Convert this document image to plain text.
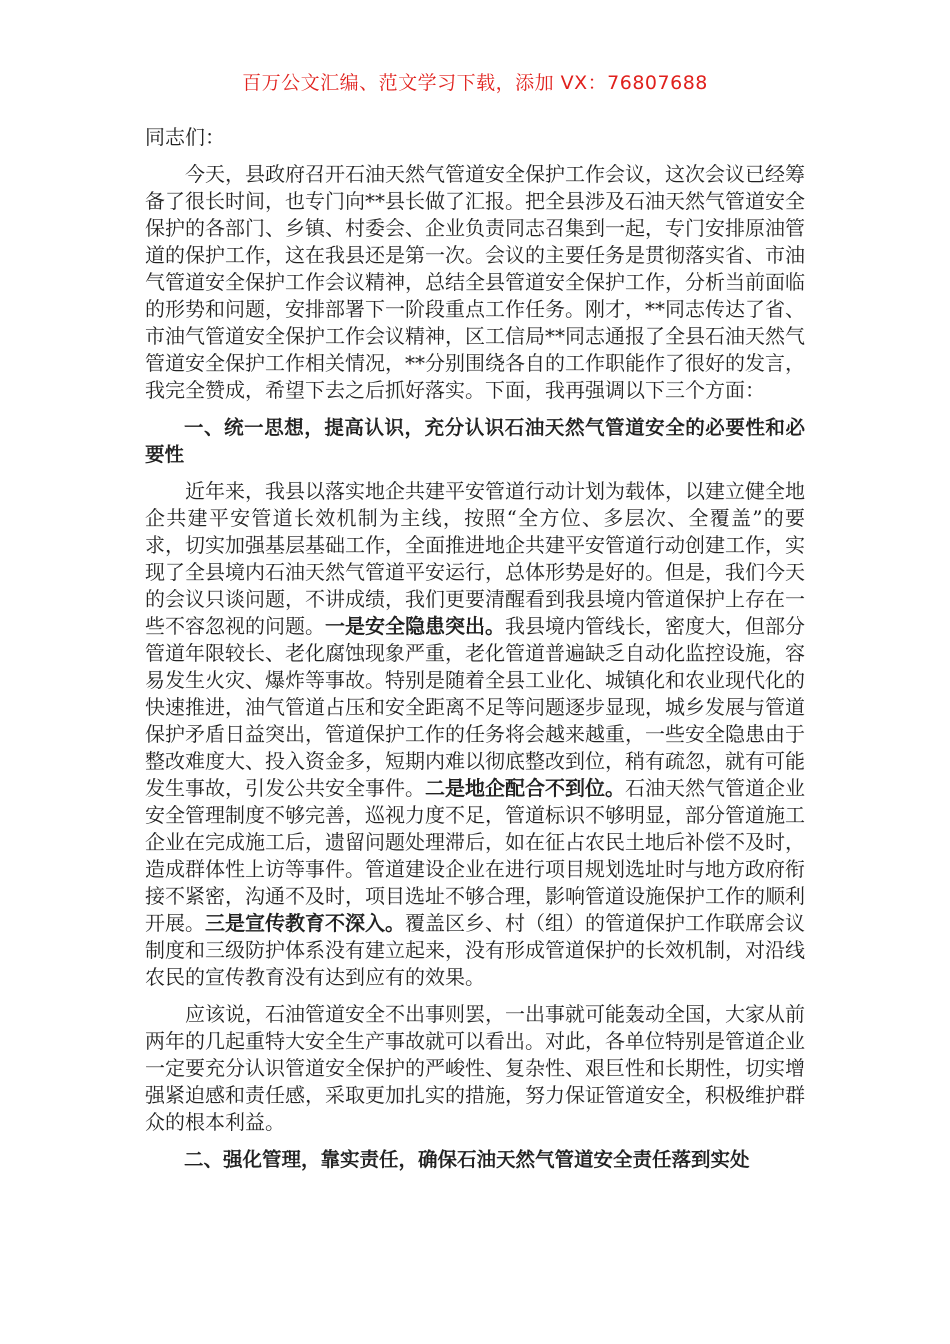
百万公文汇编、范文学习下载，添加 VX：76807688

同志们：

今天，县政府召开石油天然气管道安全保护工作会议，这次会议已经筹备了很长时间，也专门向**县长做了汇报。把全县涉及石油天然气管道安全保护的各部门、乡镇、村委会、企业负责同志召集到一起，专门安排原油管道的保护工作，这在我县还是第一次。会议的主要任务是贯彻落实省、市油气管道安全保护工作会议精神，总结全县管道安全保护工作，分析当前面临的形势和问题，安排部署下一阶段重点工作任务。刚才，**同志传达了省、市油气管道安全保护工作会议精神，区工信局**同志通报了全县石油天然气管道安全保护工作相关情况，**分别围绕各自的工作职能作了很好的发言，我完全赞成，希望下去之后抓好落实。下面，我再强调以下三个方面：

一、统一思想，提高认识，充分认识石油天然气管道安全的必要性和必要性

近年来，我县以落实地企共建平安管道行动计划为载体，以建立健全地企共建平安管道长效机制为主线，按照“全方位、多层次、全覆盖”的要求，切实加强基层基础工作，全面推进地企共建平安管道行动创建工作，实现了全县境内石油天然气管道平安运行，总体形势是好的。但是，我们今天的会议只谈问题，不讲成绩，我们更要清醒看到我县境内管道保护上存在一些不容忽视的问题。一是安全隐患突出。我县境内管线长，密度大，但部分管道年限较长、老化腐蚀现象严重，老化管道普遍缺乏自动化监控设施，容易发生火灾、爆炸等事故。特别是随着全县工业化、城镇化和农业现代化的快速推进，油气管道占压和安全距离不足等问题逐步显现，城乡发展与管道保护矛盾日益突出，管道保护工作的任务将会越来越重，一些安全隐患由于整改难度大、投入资金多，短期内难以彻底整改到位，稍有疏忽，就有可能发生事故，引发公共安全事件。二是地企配合不到位。石油天然气管道企业安全管理制度不够完善，巡视力度不足，管道标识不够明显，部分管道施工企业在完成施工后，遗留问题处理滞后，如在征占农民土地后补偿不及时，造成群体性上访等事件。管道建设企业在进行项目规划选址时与地方政府衔接不紧密，沟通不及时，项目选址不够合理，影响管道设施保护工作的顺利开展。三是宣传教育不深入。覆盖区乡、村（组）的管道保护工作联席会议制度和三级防护体系没有建立起来，没有形成管道保护的长效机制，对沿线农民的宣传教育没有达到应有的效果。

应该说，石油管道安全不出事则罢，一出事就可能轰动全国，大家从前两年的几起重特大安全生产事故就可以看出。对此，各单位特别是管道企业一定要充分认识管道安全保护的严峻性、复杂性、艰巨性和长期性，切实增强紧迫感和责任感，采取更加扎实的措施，努力保证管道安全，积极维护群众的根本利益。

二、强化管理，靠实责任，确保石油天然气管道安全责任落到实处
